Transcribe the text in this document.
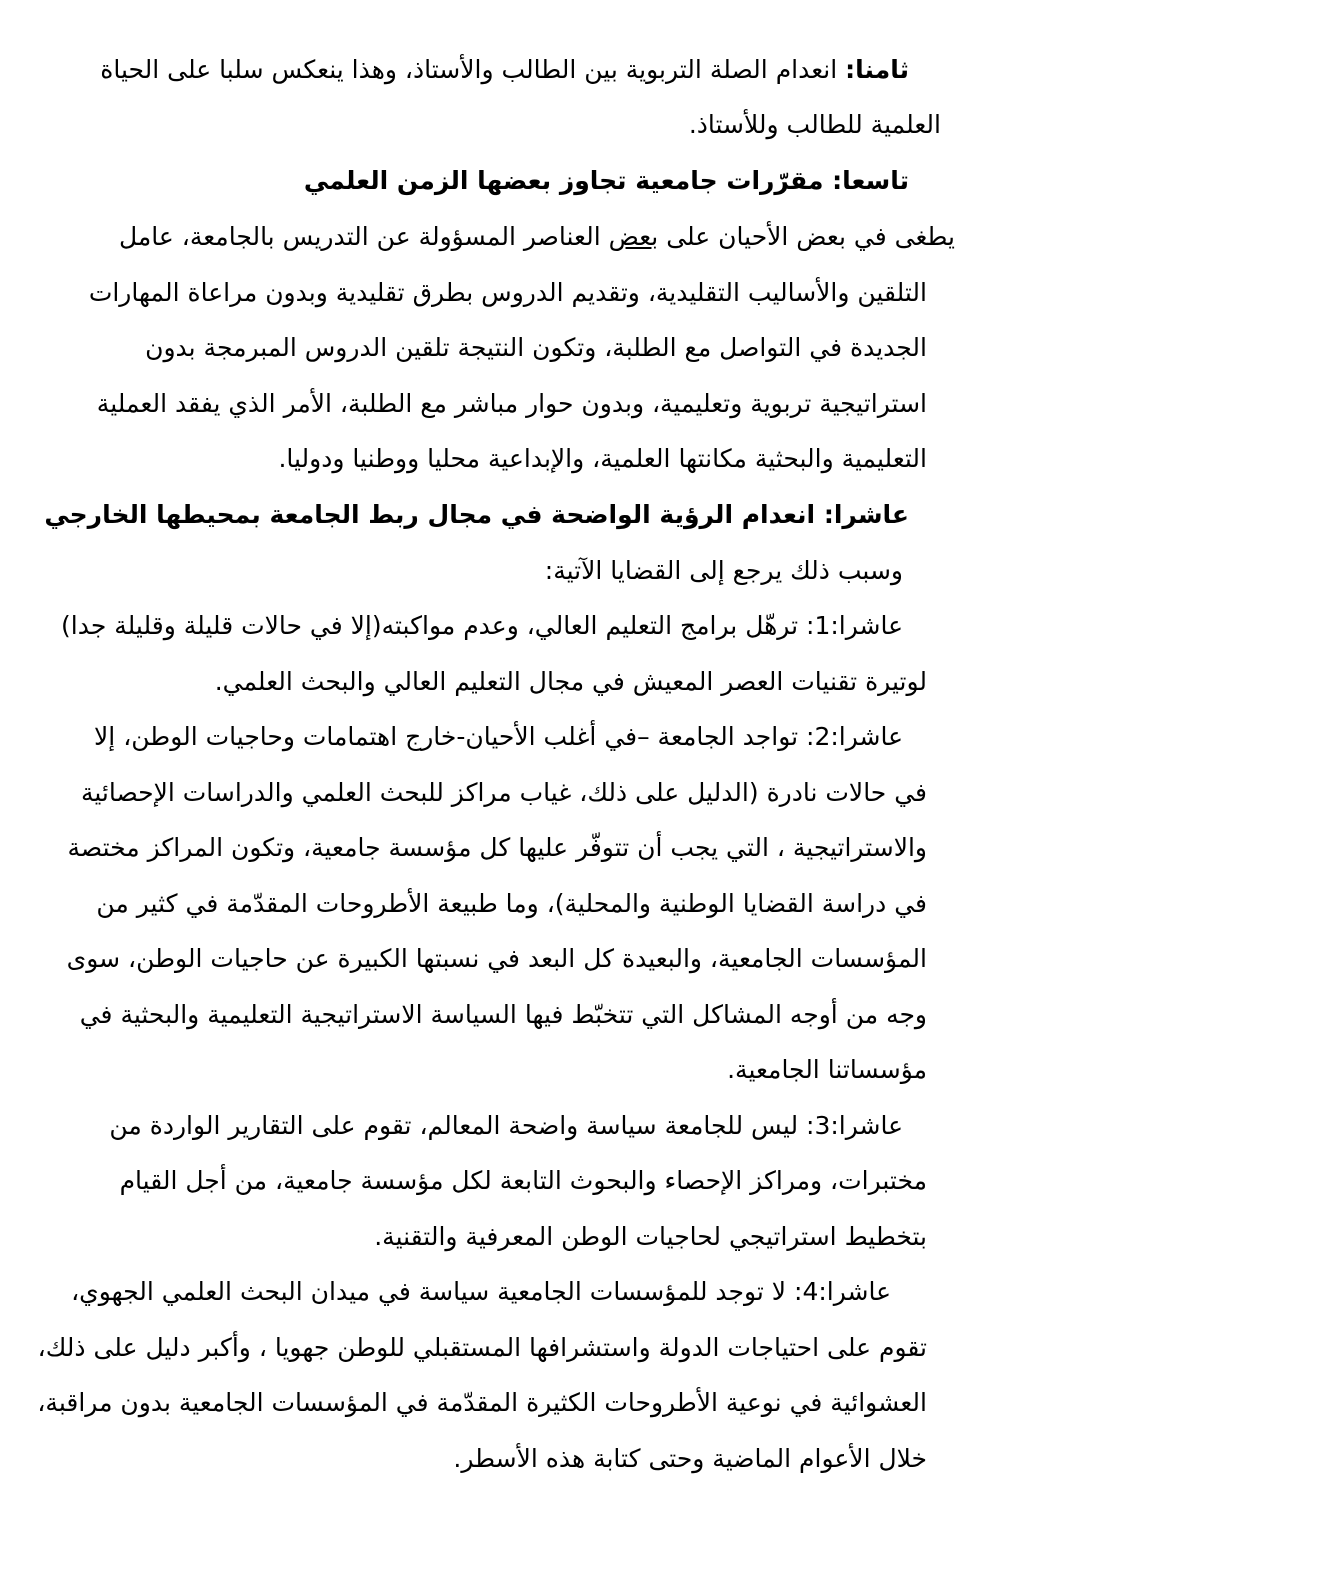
ثامنا: انعدام الصلة التربوية بين الطالب والأستاذ، وهذا ينعكس سلبا على الحياة
العلمية للطالب وللأستاذ.
تاسعا: مقرّرات جامعية تجاوز بعضها الزمن العلمي
يطغى في بعض الأحيان على بعض العناصر المسؤولة عن التدريس بالجامعة، عامل
التلقين والأساليب التقليدية، وتقديم الدروس بطرق تقليدية وبدون مراعاة المهارات
الجديدة في التواصل مع الطلبة، وتكون النتيجة تلقين الدروس المبرمجة بدون
استراتيجية تربوية وتعليمية، وبدون حوار مباشر مع الطلبة، الأمر الذي يفقد العملية
التعليمية والبحثية مكانتها العلمية، والإبداعية محليا ووطنيا ودوليا.
عاشرا: انعدام الرؤية الواضحة في مجال ربط الجامعة بمحيطها الخارجي
وسبب ذلك يرجع إلى القضايا الآتية:
عاشرا:1: ترهّل برامج التعليم العالي، وعدم مواكبته(إلا في حالات قليلة وقليلة جدا)
لوتيرة تقنيات العصر المعيش في مجال التعليم العالي والبحث العلمي.
عاشرا:2: تواجد الجامعة –في أغلب الأحيان-خارج اهتمامات وحاجيات الوطن، إلا
في حالات نادرة (الدليل على ذلك، غياب مراكز للبحث العلمي والدراسات الإحصائية
والاستراتيجية ، التي يجب أن تتوفّر عليها كل مؤسسة جامعية، وتكون المراكز مختصة
في دراسة القضايا الوطنية والمحلية)، وما طبيعة الأطروحات المقدّمة في كثير من
المؤسسات الجامعية، والبعيدة كل البعد في نسبتها الكبيرة عن حاجيات الوطن، سوى
وجه من أوجه المشاكل التي تتخبّط فيها السياسة الاستراتيجية التعليمية والبحثية في
مؤسساتنا الجامعية.
عاشرا:3: ليس للجامعة سياسة واضحة المعالم، تقوم على التقارير الواردة من
مختبرات، ومراكز الإحصاء والبحوث التابعة لكل مؤسسة جامعية، من أجل القيام
بتخطيط استراتيجي لحاجيات الوطن المعرفية والتقنية.
عاشرا:4: لا توجد للمؤسسات الجامعية سياسة في ميدان البحث العلمي الجهوي،
تقوم على احتياجات الدولة واستشرافها المستقبلي للوطن جهويا ، وأكبر دليل على ذلك،
العشوائية في نوعية الأطروحات الكثيرة المقدّمة في المؤسسات الجامعية بدون مراقبة،
خلال الأعوام الماضية وحتى كتابة هذه الأسطر.
